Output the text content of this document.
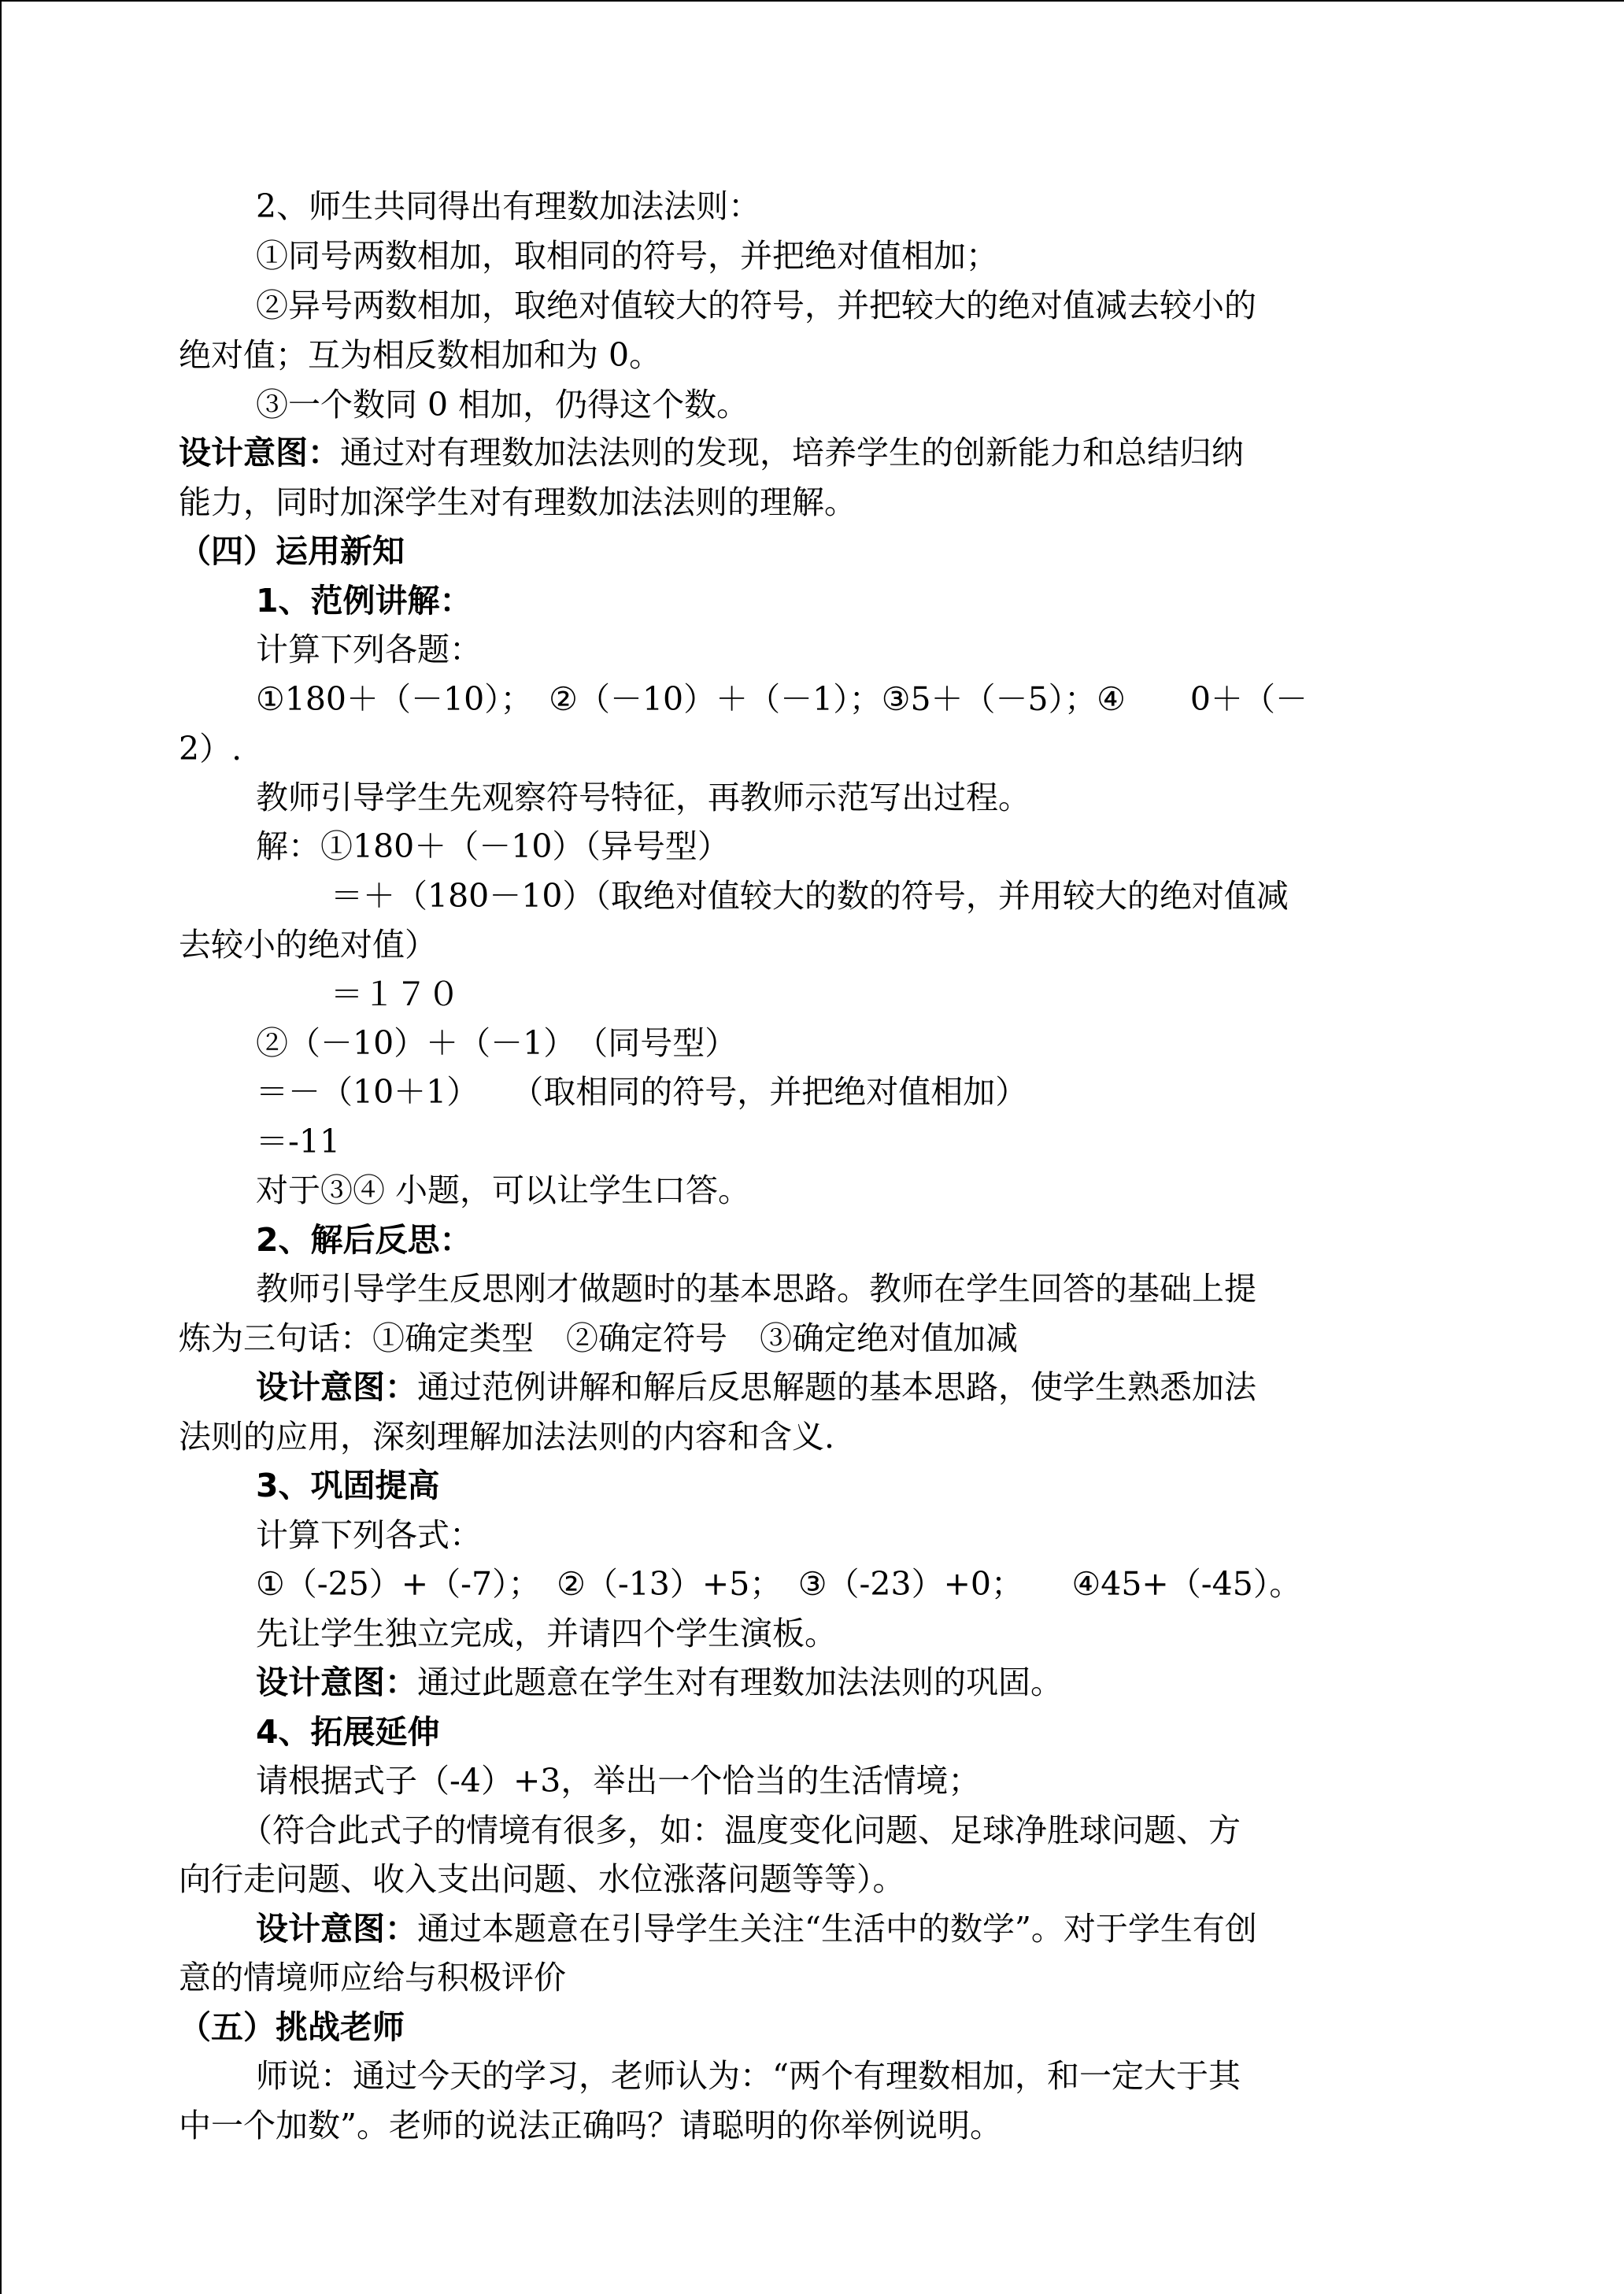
2、师生共同得出有理数加法法则：

①同号两数相加，取相同的符号，并把绝对值相加；

②异号两数相加，取绝对值较大的符号，并把较大的绝对值减去较小的

绝对值；互为相反数相加和为 0。

③一个数同 0 相加，仍得这个数。

设计意图：通过对有理数加法法则的发现，培养学生的创新能力和总结归纳

能力，同时加深学生对有理数加法法则的理解。

（四）运用新知

1、范例讲解：

计算下列各题：

①180＋（－10）；　②（－10）＋（－1）；③5＋（－5）；④　　0＋（－

2）.

教师引导学生先观察符号特征，再教师示范写出过程。

解：①180＋（－10）（异号型）

＝＋（180－10）（取绝对值较大的数的符号，并用较大的绝对值减

去较小的绝对值）

＝１７０

②（－10）＋（－1）　（同号型）

＝－（10＋1）　　（取相同的符号，并把绝对值相加）

＝-11

对于③④ 小题，可以让学生口答。

2、解后反思：

教师引导学生反思刚才做题时的基本思路。教师在学生回答的基础上提

炼为三句话：①确定类型　②确定符号　③确定绝对值加减

设计意图：通过范例讲解和解后反思解题的基本思路，使学生熟悉加法

法则的应用，深刻理解加法法则的内容和含义.

3、巩固提高

计算下列各式：

①（-25）+（-7）；　②（-13）+5；　③（-23）+0；　　④45+（-45）。

先让学生独立完成，并请四个学生演板。

设计意图：通过此题意在学生对有理数加法法则的巩固。

4、拓展延伸

请根据式子（-4）+3，举出一个恰当的生活情境；

（符合此式子的情境有很多，如：温度变化问题、足球净胜球问题、方

向行走问题、收入支出问题、水位涨落问题等等）。

设计意图：通过本题意在引导学生关注“生活中的数学”。对于学生有创

意的情境师应给与积极评价

（五）挑战老师

师说：通过今天的学习，老师认为：“两个有理数相加，和一定大于其

中一个加数”。老师的说法正确吗？请聪明的你举例说明。
